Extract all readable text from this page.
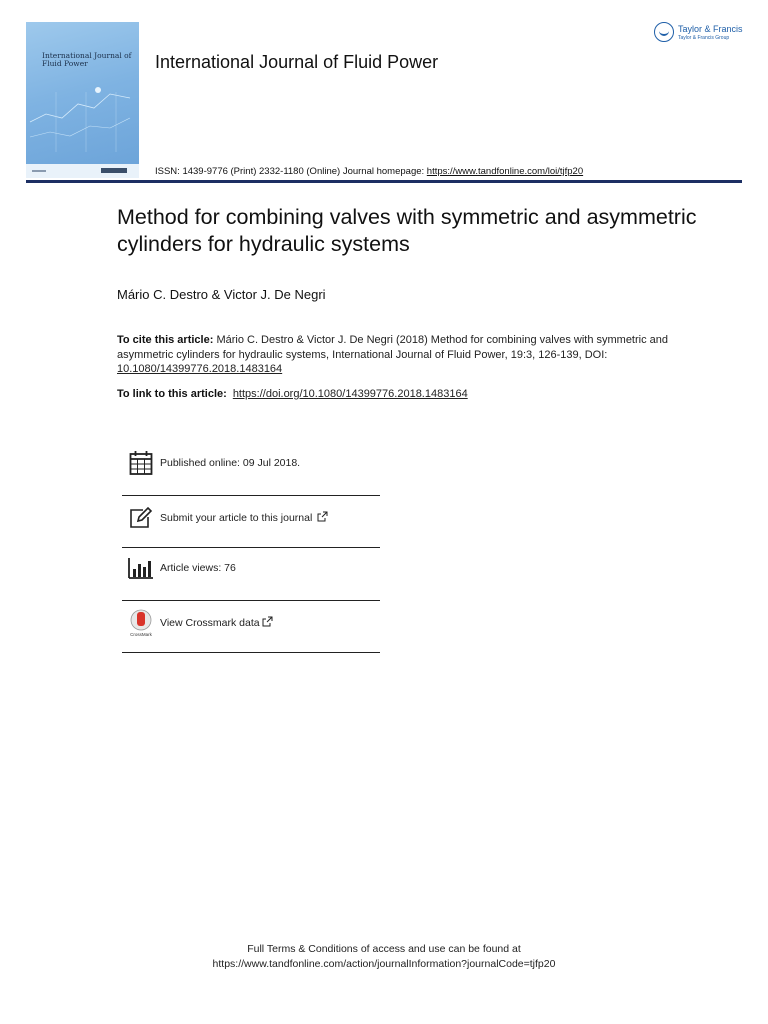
International Journal of Fluid Power	International Journal of Fluid Power
Taylor & Francis
Taylor & Francis Group
ISSN: 1439-9776 (Print) 2332-1180 (Online) Journal homepage: https://www.tandfonline.com/loi/tjfp20
Method for combining valves with symmetric and asymmetric cylinders for hydraulic systems
Mário C. Destro & Victor J. De Negri
To cite this article: Mário C. Destro & Victor J. De Negri (2018) Method for combining valves with symmetric and asymmetric cylinders for hydraulic systems, International Journal of Fluid Power, 19:3, 126-139, DOI: 10.1080/14399776.2018.1483164
To link to this article: https://doi.org/10.1080/14399776.2018.1483164
Published online: 09 Jul 2018.
Submit your article to this journal
Article views: 76
CrossMark
View Crossmark data
Full Terms & Conditions of access and use can be found at
https://www.tandfonline.com/action/journalInformation?journalCode=tjfp20
